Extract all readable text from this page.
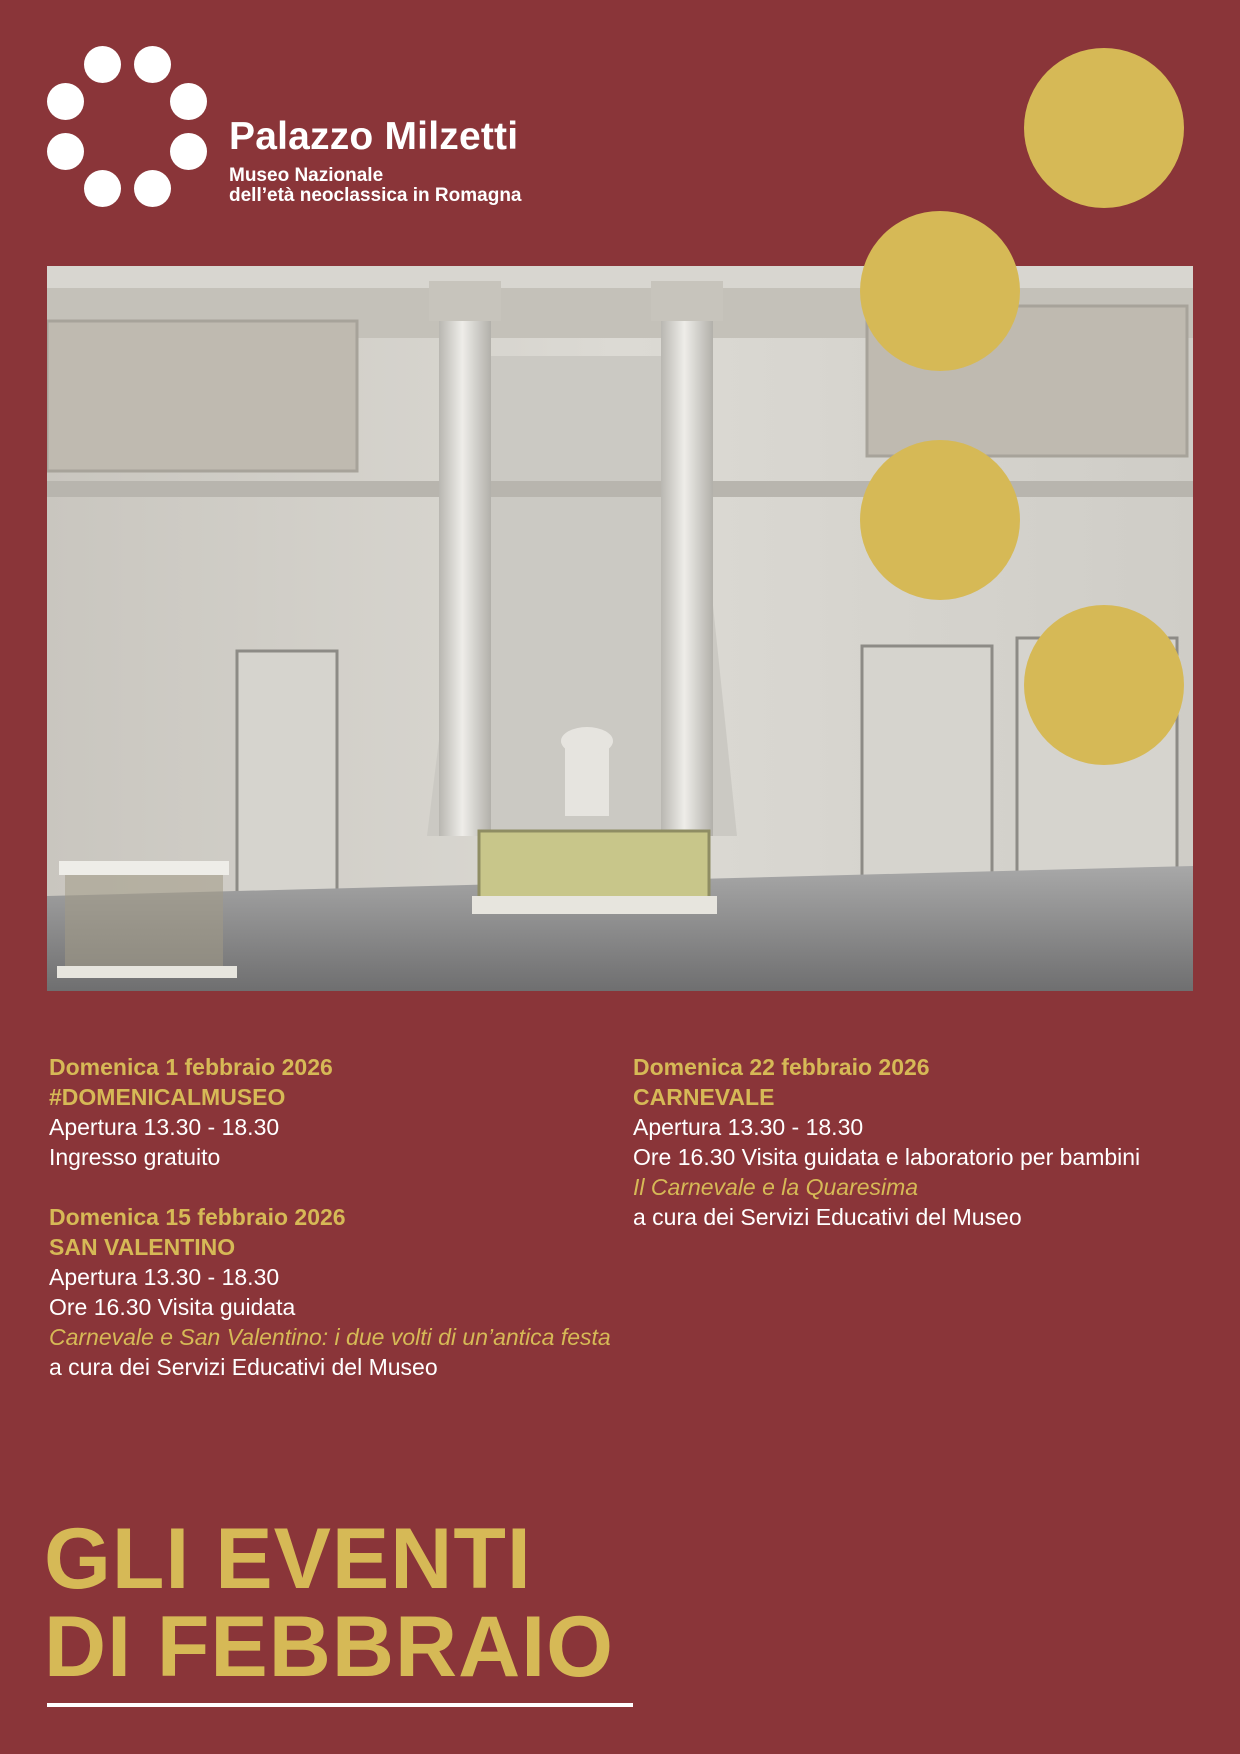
Palazzo Milzetti
Museo Nazionale
dell’età neoclassica in Romagna
Domenica 1 febbraio 2026
#DOMENICALMUSEO
Apertura 13.30 - 18.30
Ingresso gratuito
Domenica 15 febbraio 2026
SAN VALENTINO
Apertura 13.30 - 18.30
Ore 16.30 Visita guidata
Carnevale e San Valentino: i due volti di un’antica festa
a cura dei Servizi Educativi del Museo
Domenica 22 febbraio 2026
CARNEVALE
Apertura 13.30 - 18.30
Ore 16.30 Visita guidata e laboratorio per bambini
Il Carnevale e la Quaresima
a cura dei Servizi Educativi del Museo
GLI EVENTI
DI FEBBRAIO
